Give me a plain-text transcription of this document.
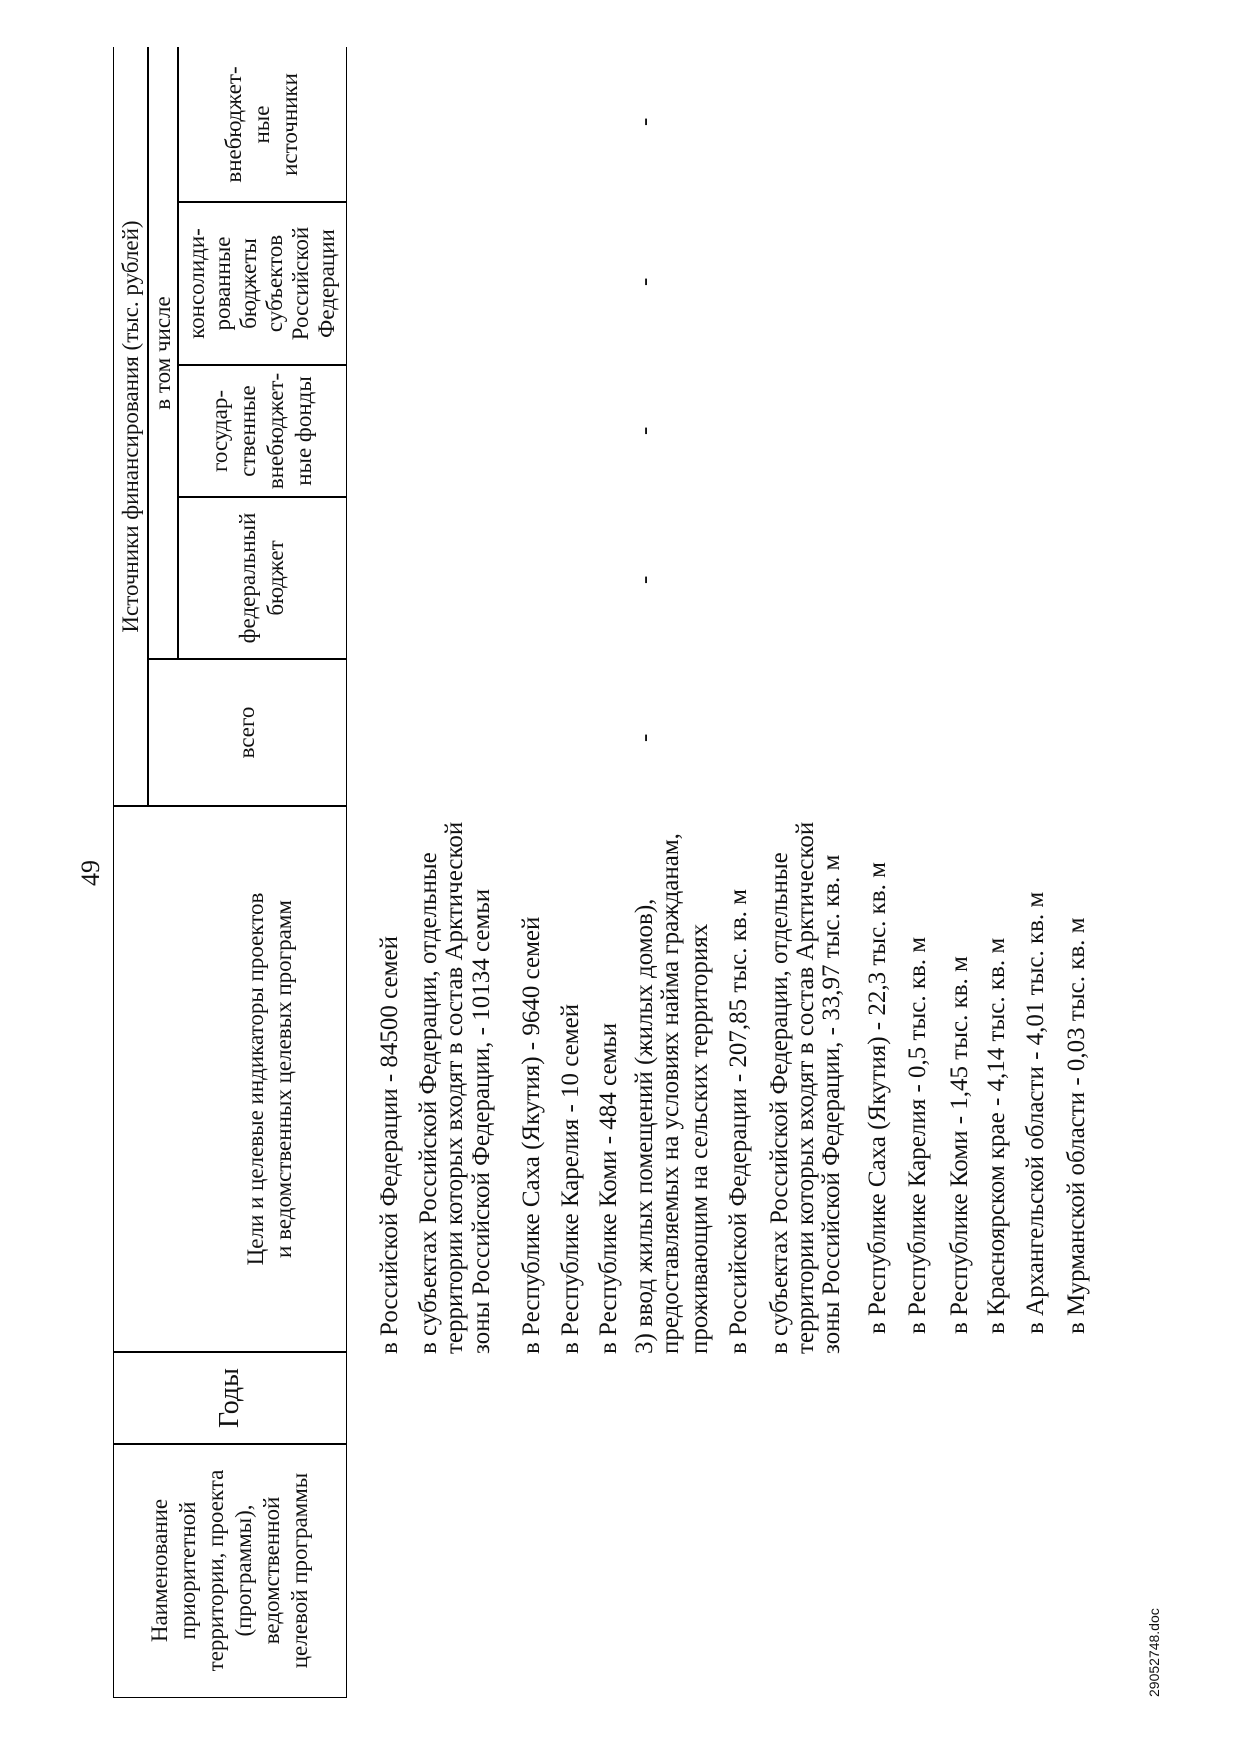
49
Наименование приоритетной территории, проекта (программы), ведомственной целевой программы
Годы
Цели и целевые индикаторы проектов и ведомственных целевых программ
Источники финансирования (тыс. рублей)
всего
в том числе
федеральный бюджет
государ- ственные внебюджет- ные фонды
консолиди- рованные бюджеты субъектов Российской Федерации
внебюджет- ные источники
в Российской Федерации - 84500 семей в субъектах Российской Федерации, отдельные территории которых входят в состав Арктической зоны Российской Федерации, - 10134 семьи в Республике Саха (Якутия) - 9640 семей в Республике Карелия - 10 семей в Республике Коми - 484 семьи 3) ввод жилых помещений (жилых домов), предоставляемых на условиях найма гражданам, проживающим на сельских территориях в Российской Федерации - 207,85 тыс. кв. м в субъектах Российской Федерации, отдельные территории которых входят в состав Арктической зоны Российской Федерации, - 33,97 тыс. кв. м в Республике Саха (Якутия) - 22,3 тыс. кв. м в Республике Карелия - 0,5 тыс. кв. м в Республике Коми - 1,45 тыс. кв. м в Красноярском крае - 4,14 тыс. кв. м в Архангельской области - 4,01 тыс. кв. м в Мурманской области - 0,03 тыс. кв. м
-
-
-
-
-
29052748.doc
